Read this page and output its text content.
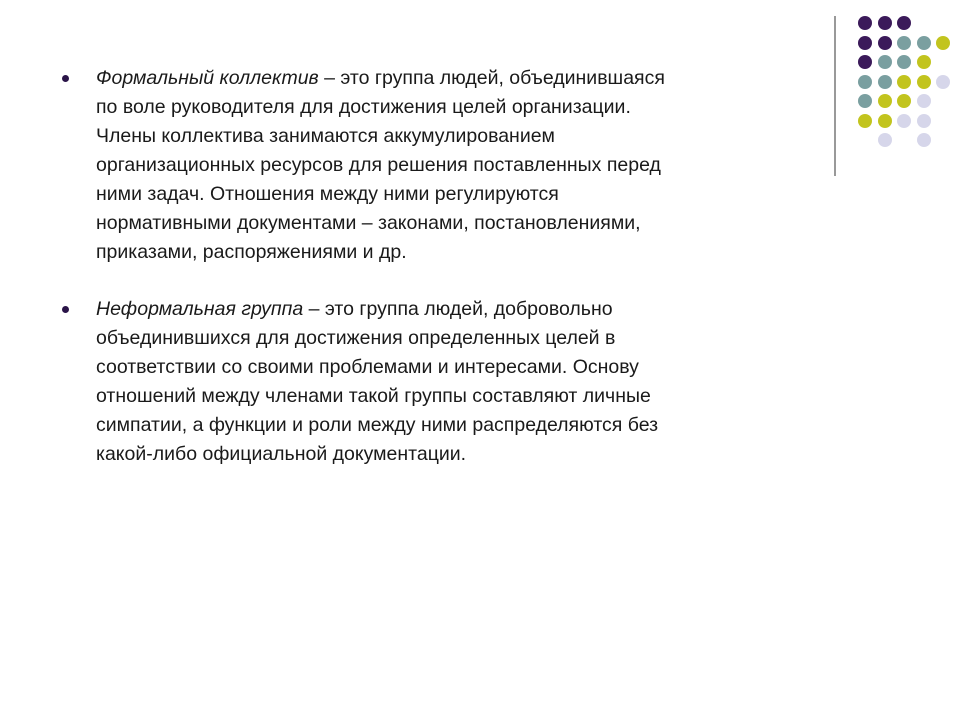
Формальный коллектив – это группа людей, объединившаяся
по воле руководителя для достижения целей организации.
Члены коллектива занимаются аккумулированием
организационных ресурсов для решения поставленных перед
ними задач. Отношения между ними регулируются
нормативными документами – законами, постановлениями,
приказами, распоряжениями и др.
Неформальная группа – это группа людей, добровольно
объединившихся для достижения определенных целей в
соответствии со своими проблемами и интересами. Основу
отношений между членами такой группы составляют личные
симпатии, а функции и роли между ними распределяются без
какой-либо официальной документации.
